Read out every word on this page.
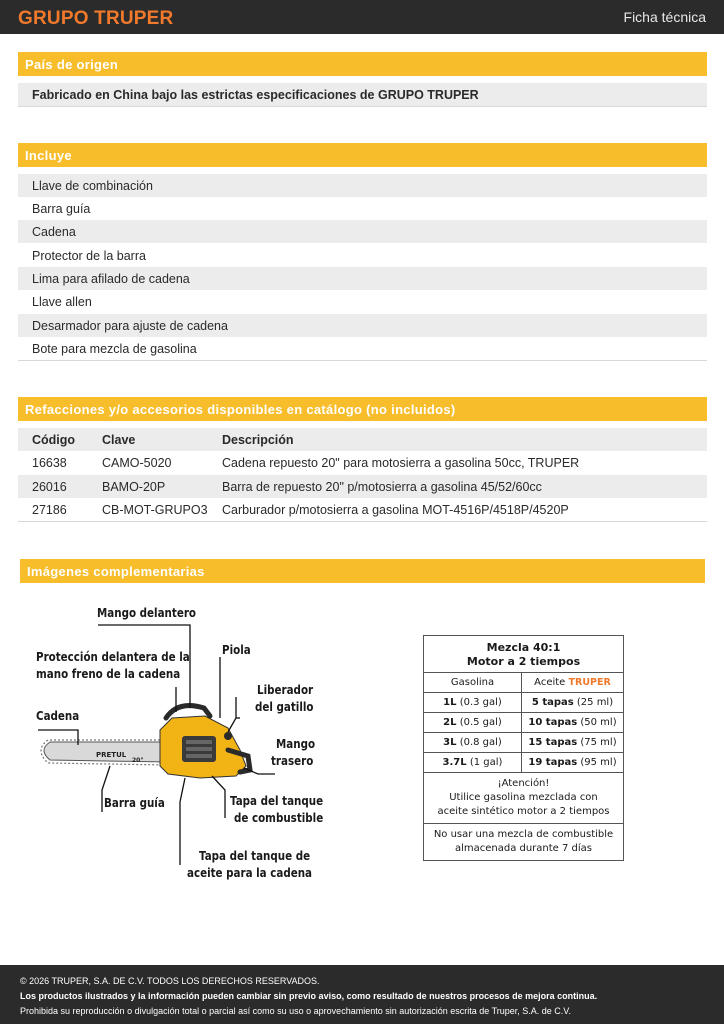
GRUPO TRUPER	Ficha técnica
País de origen
Fabricado en China bajo las estrictas especificaciones de GRUPO TRUPER
Incluye
Llave de combinación
Barra guía
Cadena
Protector de la barra
Lima para afilado de cadena
Llave allen
Desarmador para ajuste de cadena
Bote para mezcla de gasolina
Refacciones y/o accesorios disponibles en catálogo (no incluidos)
Código Clave	Descripción
16638	CAMO-5020	Cadena repuesto 20" para motosierra a gasolina 50cc, TRUPER
26016	BAMO-20P	Barra de repuesto 20" p/motosierra a gasolina 45/52/60cc
27186	CB-MOT-GRUPO3 Carburador p/motosierra a gasolina MOT-4516P/4518P/4520P
Imágenes complementarias
PRETUL
20"
Mango delantero
Protección delantera de la
mano freno de la cadena
Piola
Liberador
del gatillo
Cadena
Mango
trasero
Barra guía	Tapa del tanque
de combustible
Tapa del tanque de
aceite para la cadena
Mezcla 40:1
Motor a 2 tiempos
Gasolina	Aceite TRUPER
1L (0.3 gal)	5 tapas (25 ml)
2L (0.5 gal)	10 tapas (50 ml)
3L (0.8 gal)	15 tapas (75 ml)
3.7L (1 gal)	19 tapas (95 ml)
¡Atención!
Utilice gasolina mezclada con
aceite sintético motor a 2 tiempos
No usar una mezcla de combustible
almacenada durante 7 días
© 2026 TRUPER, S.A. DE C.V. TODOS LOS DERECHOS RESERVADOS.
Los productos ilustrados y la información pueden cambiar sin previo aviso, como resultado de nuestros procesos de mejora continua.
Prohibida su reproducción o divulgación total o parcial así como su uso o aprovechamiento sin autorización escrita de Truper, S.A. de C.V.
